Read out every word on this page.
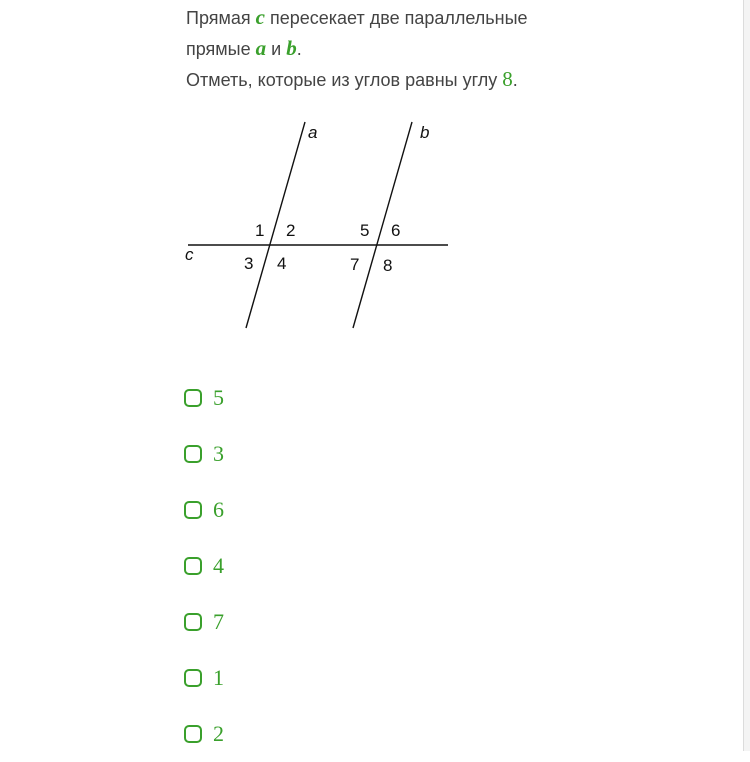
Прямая c пересекает две параллельные
прямые a и b.
Отметь, которые из углов равны углу 8.
a	b
c
1 2
3 4
5 6
7 8
5
3
6
4
7
1
2
